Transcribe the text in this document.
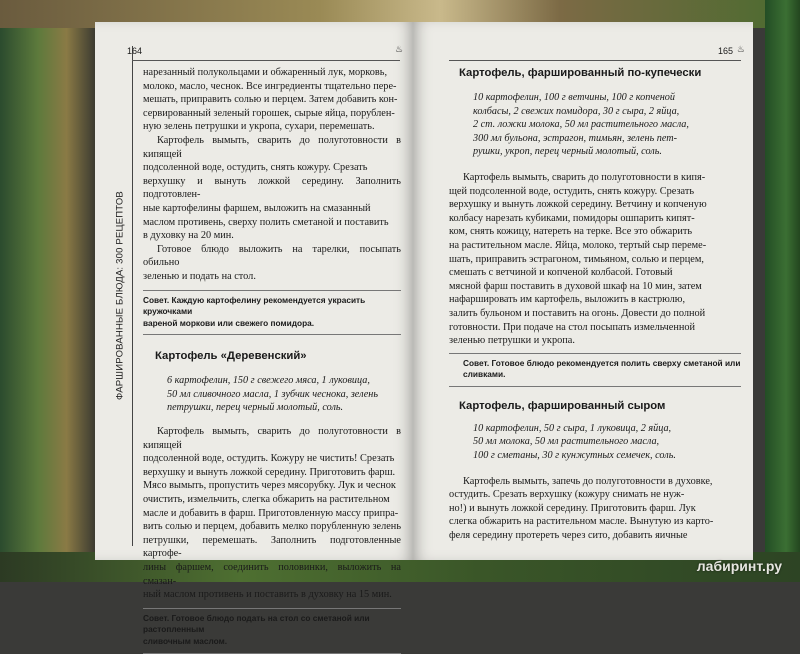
ФАРШИРОВАННЫЕ БЛЮДА: 300 РЕЦЕПТОВ
164	♨

нарезанный полукольцами и обжаренный лук, морковь,

молоко, масло, чеснок. Все ингредиенты тщательно пере-

мешать, приправить солью и перцем. Затем добавить кон-

сервированный зеленый горошек, сырые яйца, порублен-

ную зелень петрушки и укропа, сухари, перемешать.

Картофель вымыть, сварить до полуготовности в кипящей

подсоленной воде, остудить, снять кожуру. Срезать

верхушку и вынуть ложкой середину. Заполнить подготовлен-

ные картофелины фаршем, выложить на смазанный

маслом противень, сверху полить сметаной и поставить

в духовку на 20 мин.

Готовое блюдо выложить на тарелки, посыпать обильно

зеленью и подать на стол.

Совет. Каждую картофелину рекомендуется украсить кружочками
вареной моркови или свежего помидора.

Картофель «Деревенский»

6 картофелин, 150 г свежего мяса, 1 луковица,
50 мл сливочного масла, 1 зубчик чеснока, зелень
петрушки, перец черный молотый, соль.

Картофель вымыть, сварить до полуготовности в кипящей

подсоленной воде, остудить. Кожуру не чистить! Срезать

верхушку и вынуть ложкой середину. Приготовить фарш.

Мясо вымыть, пропустить через мясорубку. Лук и чеснок

очистить, измельчить, слегка обжарить на растительном

масле и добавить в фарш. Приготовленную массу припра-

вить солью и перцем, добавить мелко порубленную зелень

петрушки, перемешать. Заполнить подготовленные картофе-

лины фаршем, соединить половинки, выложить на смазан-

ный маслом противень и поставить в духовку на 15 мин.

Совет. Готовое блюдо подать на стол со сметаной или растопленным
сливочным маслом.
♨
165

Картофель, фаршированный по-купечески

10 картофелин, 100 г ветчины, 100 г копченой
колбасы, 2 свежих помидора, 30 г сыра, 2 яйца,
2 ст. ложки молока, 50 мл растительного масла,
300 мл бульона, эстрагон, тимьян, зелень пет-
рушки, укроп, перец черный молотый, соль.

Картофель вымыть, сварить до полуготовности в кипя-

щей подсоленной воде, остудить, снять кожуру. Срезать

верхушку и вынуть ложкой середину. Ветчину и копченую

колбасу нарезать кубиками, помидоры ошпарить кипят-

ком, снять кожицу, натереть на терке. Все это обжарить

на растительном масле. Яйца, молоко, тертый сыр переме-

шать, приправить эстрагоном, тимьяном, солью и перцем,

смешать с ветчиной и копченой колбасой. Готовый

мясной фарш поставить в духовой шкаф на 10 мин, затем

нафаршировать им картофель, выложить в кастрюлю,

залить бульоном и поставить на огонь. Довести до полной

готовности. При подаче на стол посыпать измельченной

зеленью петрушки и укропа.

Совет. Готовое блюдо рекомендуется полить сверху сметаной или
сливками.

Картофель, фаршированный сыром

10 картофелин, 50 г сыра, 1 луковица, 2 яйца,
50 мл молока, 50 мл растительного масла,
100 г сметаны, 30 г кунжутных семечек, соль.

Картофель вымыть, запечь до полуготовности в духовке,

остудить. Срезать верхушку (кожуру снимать не нуж-

но!) и вынуть ложкой середину. Приготовить фарш. Лук

слегка обжарить на растительном масле. Вынутую из карто-

феля середину протереть через сито, добавить яичные

лабиринт.ру
